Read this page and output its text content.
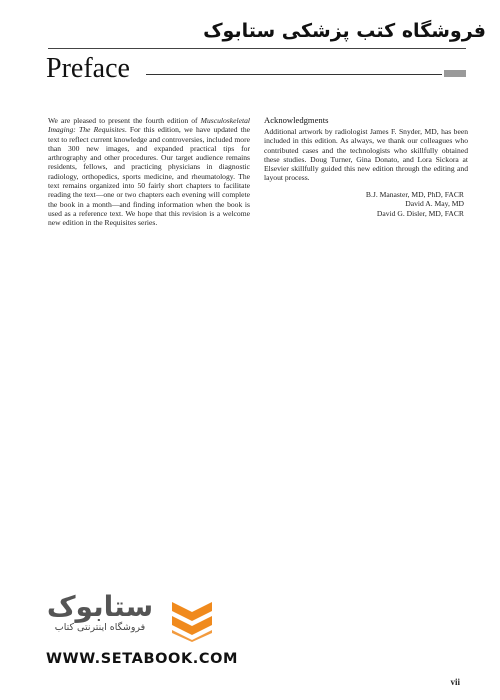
فروشگاه کتب پزشکی ستابوک
Preface

We are pleased to present the fourth edition of Musculoskeletal Imaging: The Requisites. For this edition, we have updated the text to reflect current knowledge and controversies, included more than 300 new images, and expanded practical tips for arthrography and other procedures. Our target audience remains residents, fellows, and practicing physicians in diagnostic radiology, orthopedics, sports medicine, and rheumatology. The text remains organized into 50 fairly short chapters to facilitate reading the text—one or two chapters each evening will complete the book in a month—and finding information when the book is used as a reference text. We hope that this revision is a welcome new edition in the Requisites series.

Acknowledgments

Additional artwork by radiologist James F. Snyder, MD, has been included in this edition. As always, we thank our colleagues who contributed cases and the technologists who skillfully obtained these studies. Doug Turner, Gina Donato, and Lora Sickora at Elsevier skillfully guided this new edition through the editing and layout process.

B.J. Manaster, MD, PhD, FACR
David A. May, MD
David G. Disler, MD, FACR
ستابوک
فروشگاه اینترنتی کتاب
WWW.SETABOOK.COM
vii
